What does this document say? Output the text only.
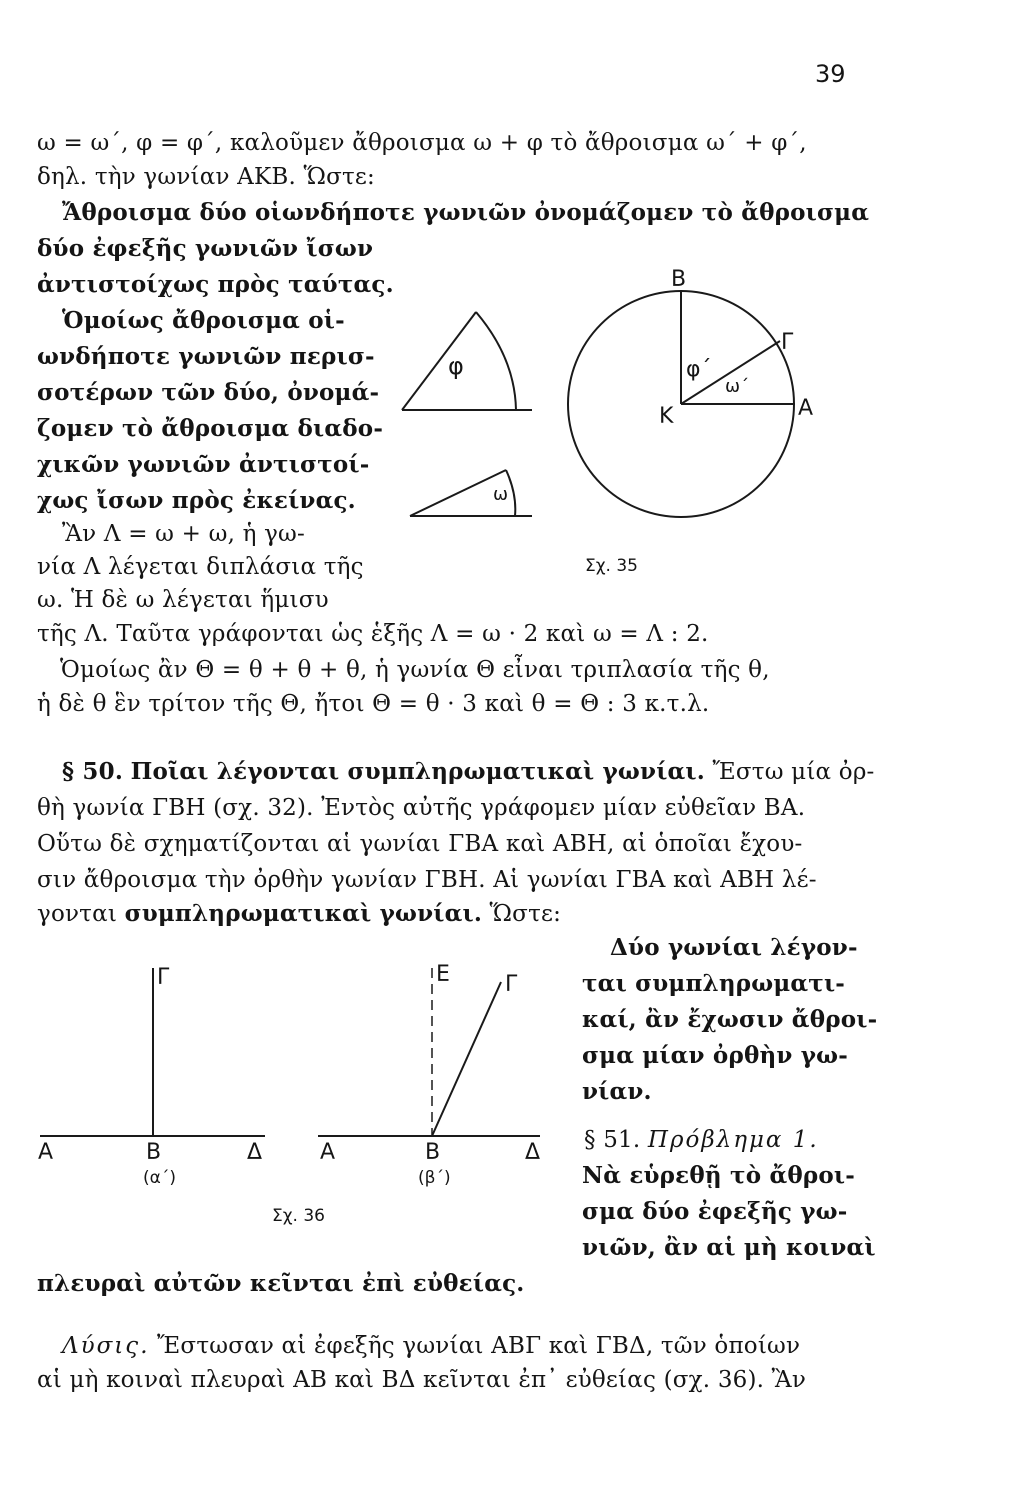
39
ω = ω΄, φ = φ΄, καλοῦμεν ἄθροισμα ω + φ τὸ ἄθροισμα ω΄ + φ΄,
δηλ. τὴν γωνίαν ΑΚΒ. Ὥστε:
Ἄθροισμα δύο οἱωνδήποτε γωνιῶν ὀνομάζομεν τὸ ἄθροισμα
δύο ἐφεξῆς γωνιῶν ἴσων
ἀντιστοίχως πρὸς ταύτας.
Ὁμοίως ἄθροισμα οἱ-
ωνδήποτε γωνιῶν περισ-
σοτέρων τῶν δύο, ὀνομά-
ζομεν τὸ ἄθροισμα διαδο-
χικῶν γωνιῶν ἀντιστοί-
χως ἴσων πρὸς ἐκείνας.
Ἂν Λ = ω + ω, ἡ γω-
νία Λ λέγεται διπλάσια τῆς
ω. Ἡ δὲ ω λέγεται ἥμισυ
τῆς Λ. Ταῦτα γράφονται ὡς ἑξῆς Λ = ω · 2 καὶ ω = Λ : 2.
Ὁμοίως ἂν Θ = θ + θ + θ, ἡ γωνία Θ εἶναι τριπλασία τῆς θ,
ἡ δὲ θ ἓν τρίτον τῆς Θ, ἤτοι Θ = θ · 3 καὶ θ = Θ : 3 κ.τ.λ.
φ
ω
Β
Γ
Α
Κ
φ΄
ω΄
Σχ. 35
§ 50. Ποῖαι λέγονται συμπληρωματικαὶ γωνίαι. Ἔστω μία ὀρ-
θὴ γωνία ΓΒΗ (σχ. 32). Ἐντὸς αὐτῆς γράφομεν μίαν εὐθεῖαν ΒΑ.
Οὕτω δὲ σχηματίζονται αἱ γωνίαι ΓΒΑ καὶ ΑΒΗ, αἱ ὁποῖαι ἔχου-
σιν ἄθροισμα τὴν ὀρθὴν γωνίαν ΓΒΗ. Αἱ γωνίαι ΓΒΑ καὶ ΑΒΗ λέ-
γονται συμπληρωματικαὶ γωνίαι. Ὥστε:
Δύο γωνίαι λέγον-
ται συμπληρωματι-
καί, ἂν ἔχωσιν ἄθροι-
σμα μίαν ὀρθὴν γω-
νίαν.
§ 51. Πρόβλημα 1.
Νὰ εὑρεθῇ τὸ ἄθροι-
σμα δύο ἐφεξῆς γω-
νιῶν, ἂν αἱ μὴ κοιναὶ
πλευραὶ αὐτῶν κεῖνται ἐπὶ εὐθείας.
Γ
Α	Β	Δ
(α΄)
Ε	Γ
Α	Β	Δ
(β΄)
Σχ. 36
Λύσις. Ἔστωσαν αἱ ἐφεξῆς γωνίαι ΑΒΓ καὶ ΓΒΔ, τῶν ὁποίων
αἱ μὴ κοιναὶ πλευραὶ ΑΒ καὶ ΒΔ κεῖνται ἐπ᾽ εὐθείας (σχ. 36). Ἂν
